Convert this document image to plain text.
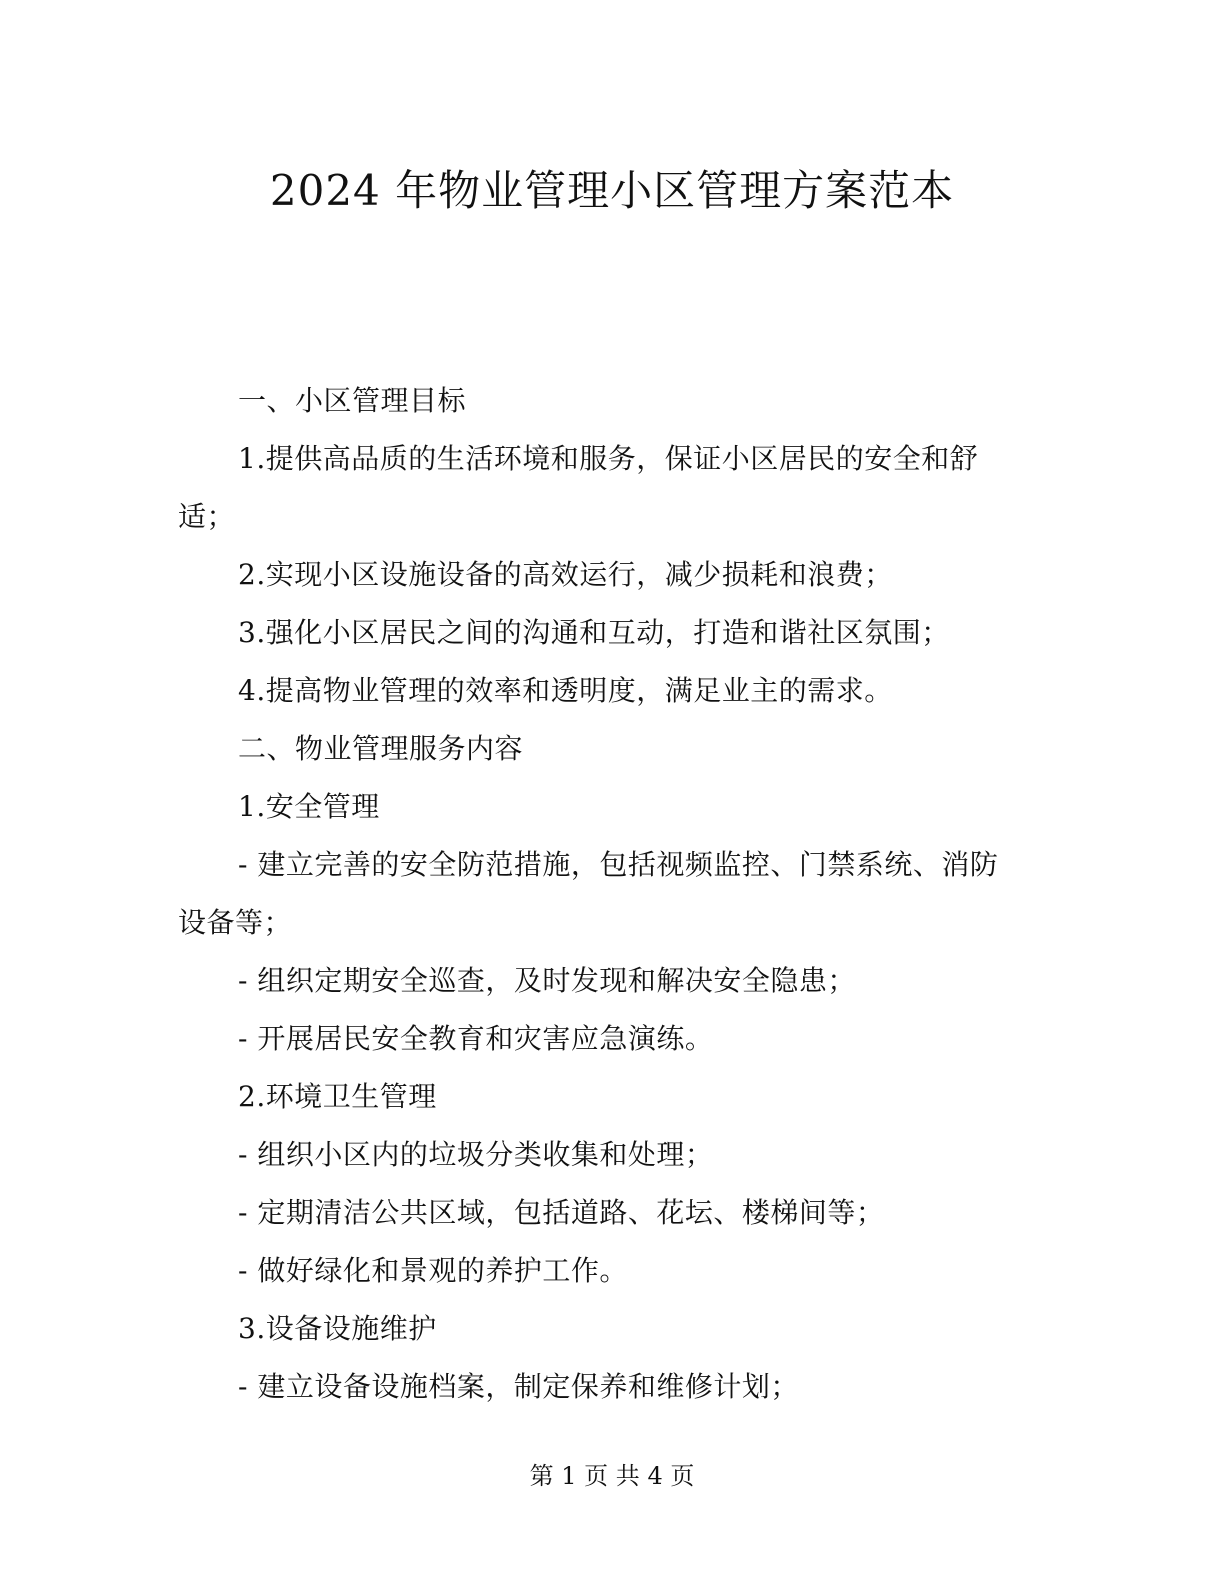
2024 年物业管理小区管理方案范本

一、小区管理目标

1.提供高品质的生活环境和服务，保证小区居民的安全和舒适；

2.实现小区设施设备的高效运行，减少损耗和浪费；

3.强化小区居民之间的沟通和互动，打造和谐社区氛围；

4.提高物业管理的效率和透明度，满足业主的需求。

二、物业管理服务内容

1.安全管理

- 建立完善的安全防范措施，包括视频监控、门禁系统、消防设备等；

- 组织定期安全巡查，及时发现和解决安全隐患；

- 开展居民安全教育和灾害应急演练。

2.环境卫生管理

- 组织小区内的垃圾分类收集和处理；

- 定期清洁公共区域，包括道路、花坛、楼梯间等；

- 做好绿化和景观的养护工作。

3.设备设施维护

- 建立设备设施档案，制定保养和维修计划；

第 1 页 共 4 页
